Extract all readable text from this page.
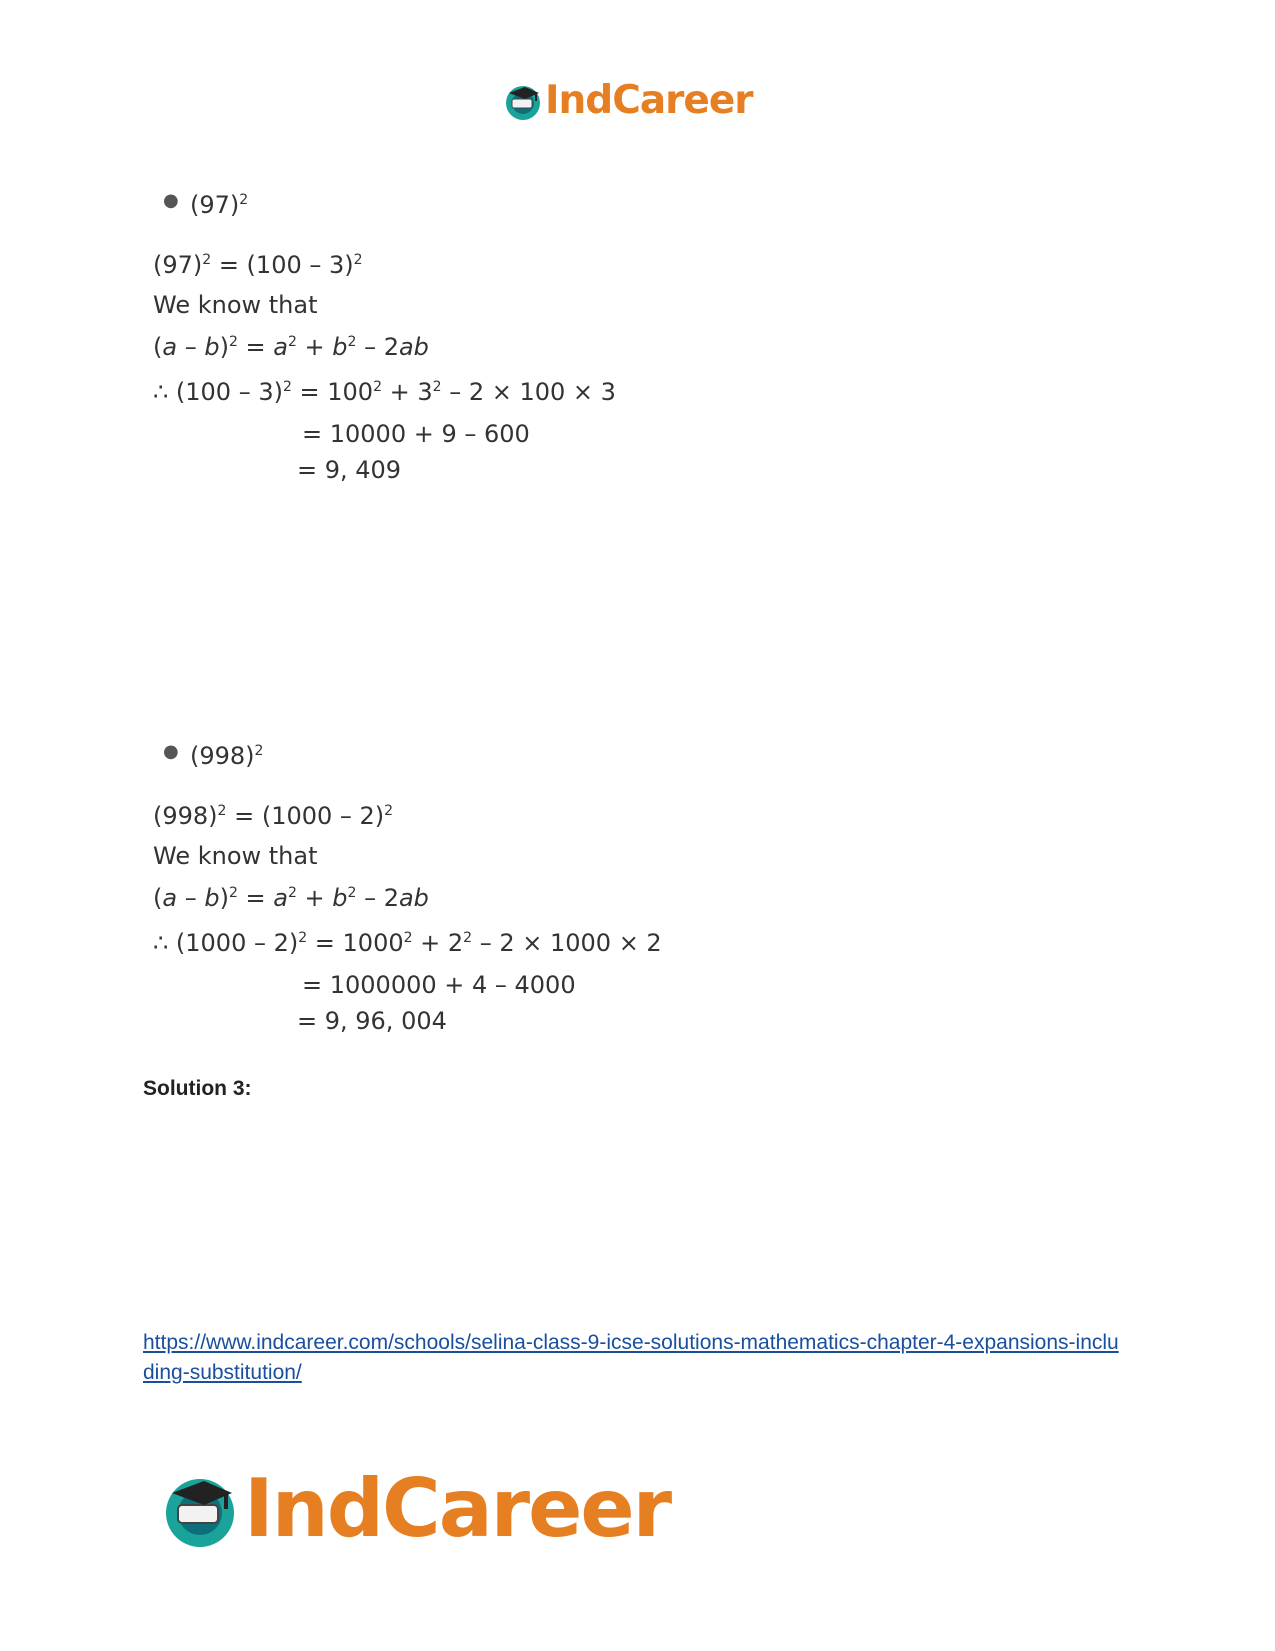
IndCareer
● $(97)^2$
$(97)^2 = (100 - 3)^2$
We know that
$(a - b)^2 = a^2 + b^2 - 2ab$
∴ $(100 - 3)^2 = 100^2 + 3^2 - 2 \times 100 \times 3$
= 10000 + 9 – 600
= 9, 409
● $(998)^2$
$(998)^2 = (1000 - 2)^2$
We know that
$(a - b)^2 = a^2 + b^2 - 2ab$
∴ $(1000 - 2)^2 = 1000^2 + 2^2 - 2 \times 1000 \times 2$
= 1000000 + 4 – 4000
= 9, 96, 004
Solution 3:
https://www.indcareer.com/schools/selina-class-9-icse-solutions-mathematics-chapter-4-expansions-including-substitution/
IndCareer
